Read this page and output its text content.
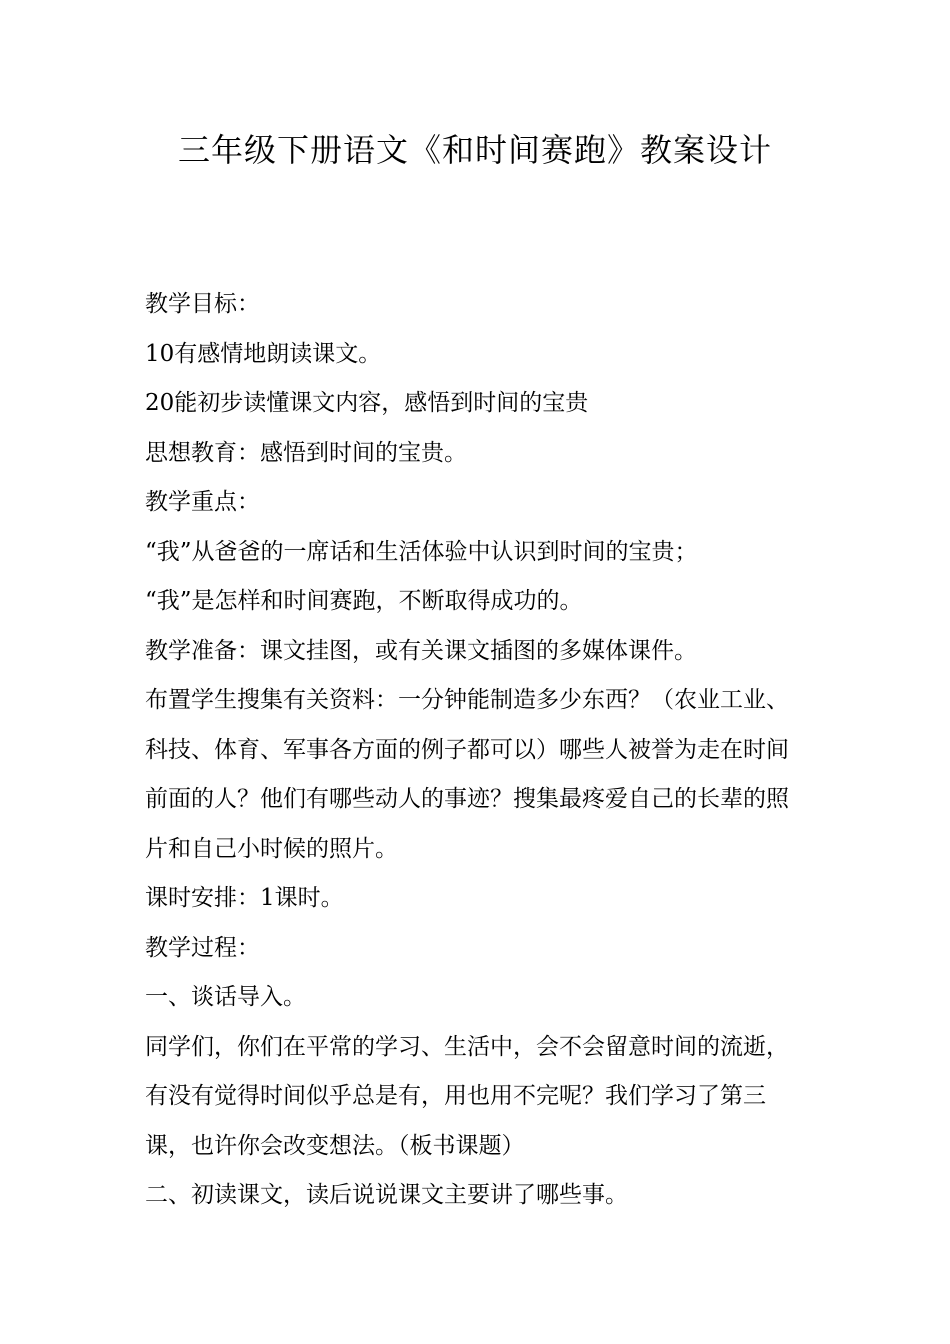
三年级下册语文《和时间赛跑》教案设计

教学目标：

10有感情地朗读课文。

20能初步读懂课文内容，感悟到时间的宝贵

思想教育：感悟到时间的宝贵。

教学重点：

“我”从爸爸的一席话和生活体验中认识到时间的宝贵；

“我”是怎样和时间赛跑，不断取得成功的。

教学准备：课文挂图，或有关课文插图的多媒体课件。

布置学生搜集有关资料：一分钟能制造多少东西？（农业工业、科技、体育、军事各方面的例子都可以）哪些人被誉为走在时间前面的人？他们有哪些动人的事迹？搜集最疼爱自己的长辈的照片和自己小时候的照片。

课时安排：1课时。

教学过程：

一、谈话导入。

同学们，你们在平常的学习、生活中，会不会留意时间的流逝，有没有觉得时间似乎总是有，用也用不完呢？我们学习了第三课，也许你会改变想法。（板书课题）

二、初读课文，读后说说课文主要讲了哪些事。
